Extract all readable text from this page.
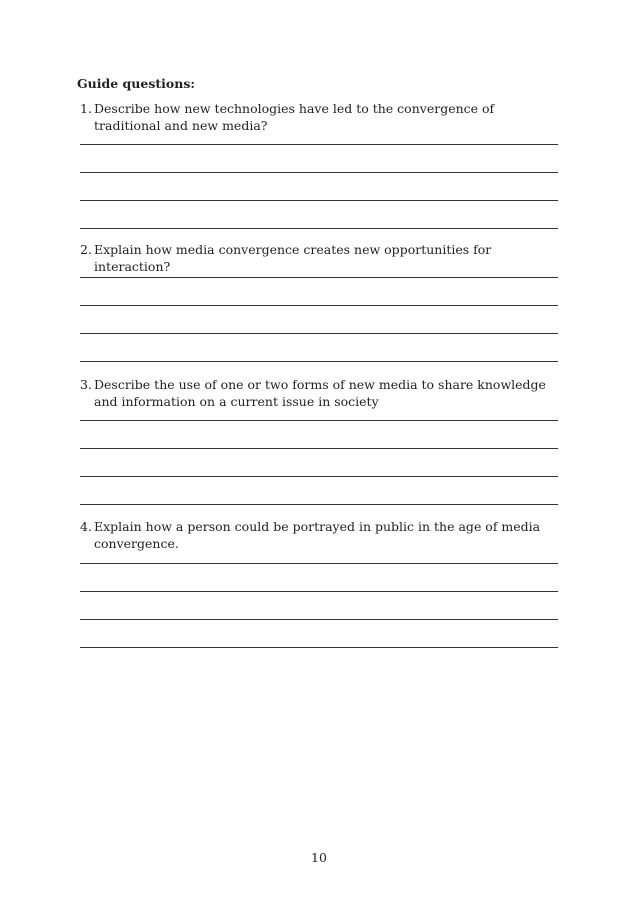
Guide questions:
1. Describe how new technologies have led to the convergence of traditional and new media?
2. Explain how media convergence creates new opportunities for interaction?
3. Describe the use of one or two forms of new media to share knowledge and information on a current issue in society
4. Explain how a person could be portrayed in public in the age of media convergence.
10
